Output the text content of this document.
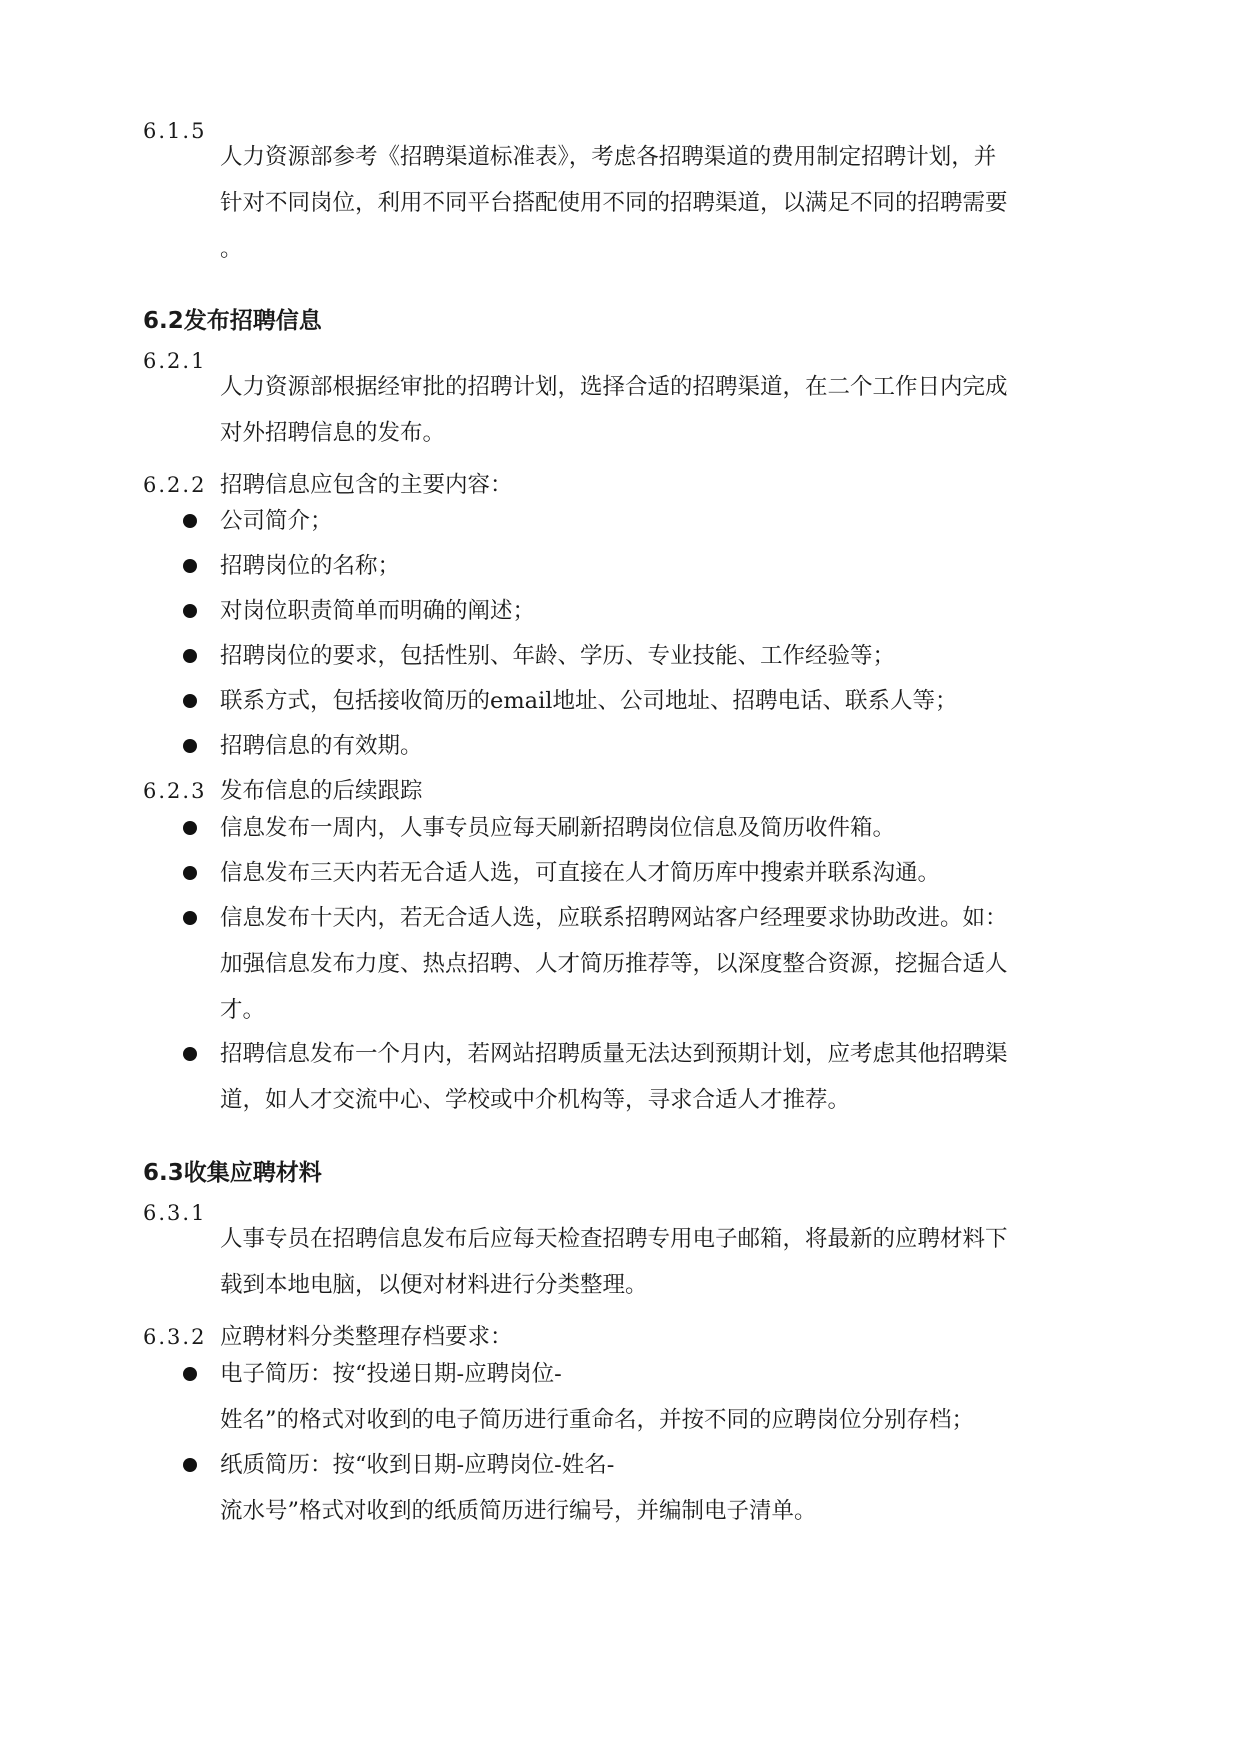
6.1.5
人力资源部参考《招聘渠道标准表》，考虑各招聘渠道的费用制定招聘计划，并
针对不同岗位，利用不同平台搭配使用不同的招聘渠道，以满足不同的招聘需要
。
6.2发布招聘信息
6.2.1
人力资源部根据经审批的招聘计划，选择合适的招聘渠道，在二个工作日内完成
对外招聘信息的发布。
6.2.2 招聘信息应包含的主要内容：
公司简介；
招聘岗位的名称；
对岗位职责简单而明确的阐述；
招聘岗位的要求，包括性别、年龄、学历、专业技能、工作经验等；
联系方式，包括接收简历的email地址、公司地址、招聘电话、联系人等；
招聘信息的有效期。
6.2.3 发布信息的后续跟踪
信息发布一周内，人事专员应每天刷新招聘岗位信息及简历收件箱。
信息发布三天内若无合适人选，可直接在人才简历库中搜索并联系沟通。
信息发布十天内，若无合适人选，应联系招聘网站客户经理要求协助改进。如：
加强信息发布力度、热点招聘、人才简历推荐等，以深度整合资源，挖掘合适人
才。
招聘信息发布一个月内，若网站招聘质量无法达到预期计划，应考虑其他招聘渠
道，如人才交流中心、学校或中介机构等，寻求合适人才推荐。
6.3收集应聘材料
6.3.1
人事专员在招聘信息发布后应每天检查招聘专用电子邮箱，将最新的应聘材料下
载到本地电脑，以便对材料进行分类整理。
6.3.2 应聘材料分类整理存档要求：
电子简历：按“投递日期-应聘岗位-
姓名”的格式对收到的电子简历进行重命名，并按不同的应聘岗位分别存档；
纸质简历：按“收到日期-应聘岗位-姓名-
流水号”格式对收到的纸质简历进行编号，并编制电子清单。
